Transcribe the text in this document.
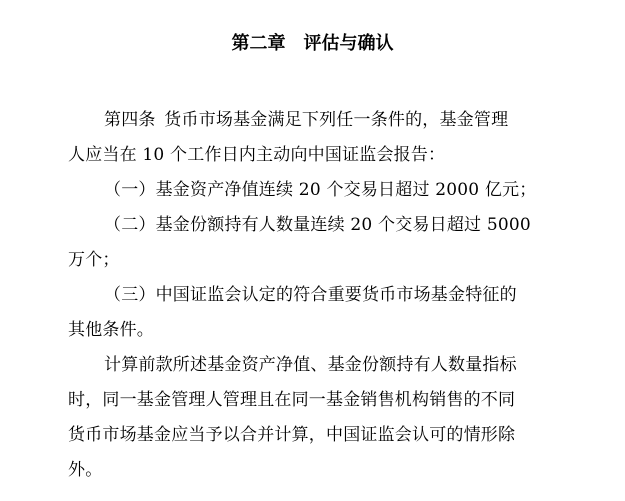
第二章　评估与确认
第四条 货币市场基金满足下列任一条件的，基金管理
人应当在 10 个工作日内主动向中国证监会报告：
（一）基金资产净值连续 20 个交易日超过 2000 亿元；
（二）基金份额持有人数量连续 20 个交易日超过 5000
万个；
（三）中国证监会认定的符合重要货币市场基金特征的
其他条件。
计算前款所述基金资产净值、基金份额持有人数量指标
时，同一基金管理人管理且在同一基金销售机构销售的不同
货币市场基金应当予以合并计算，中国证监会认可的情形除
外。
